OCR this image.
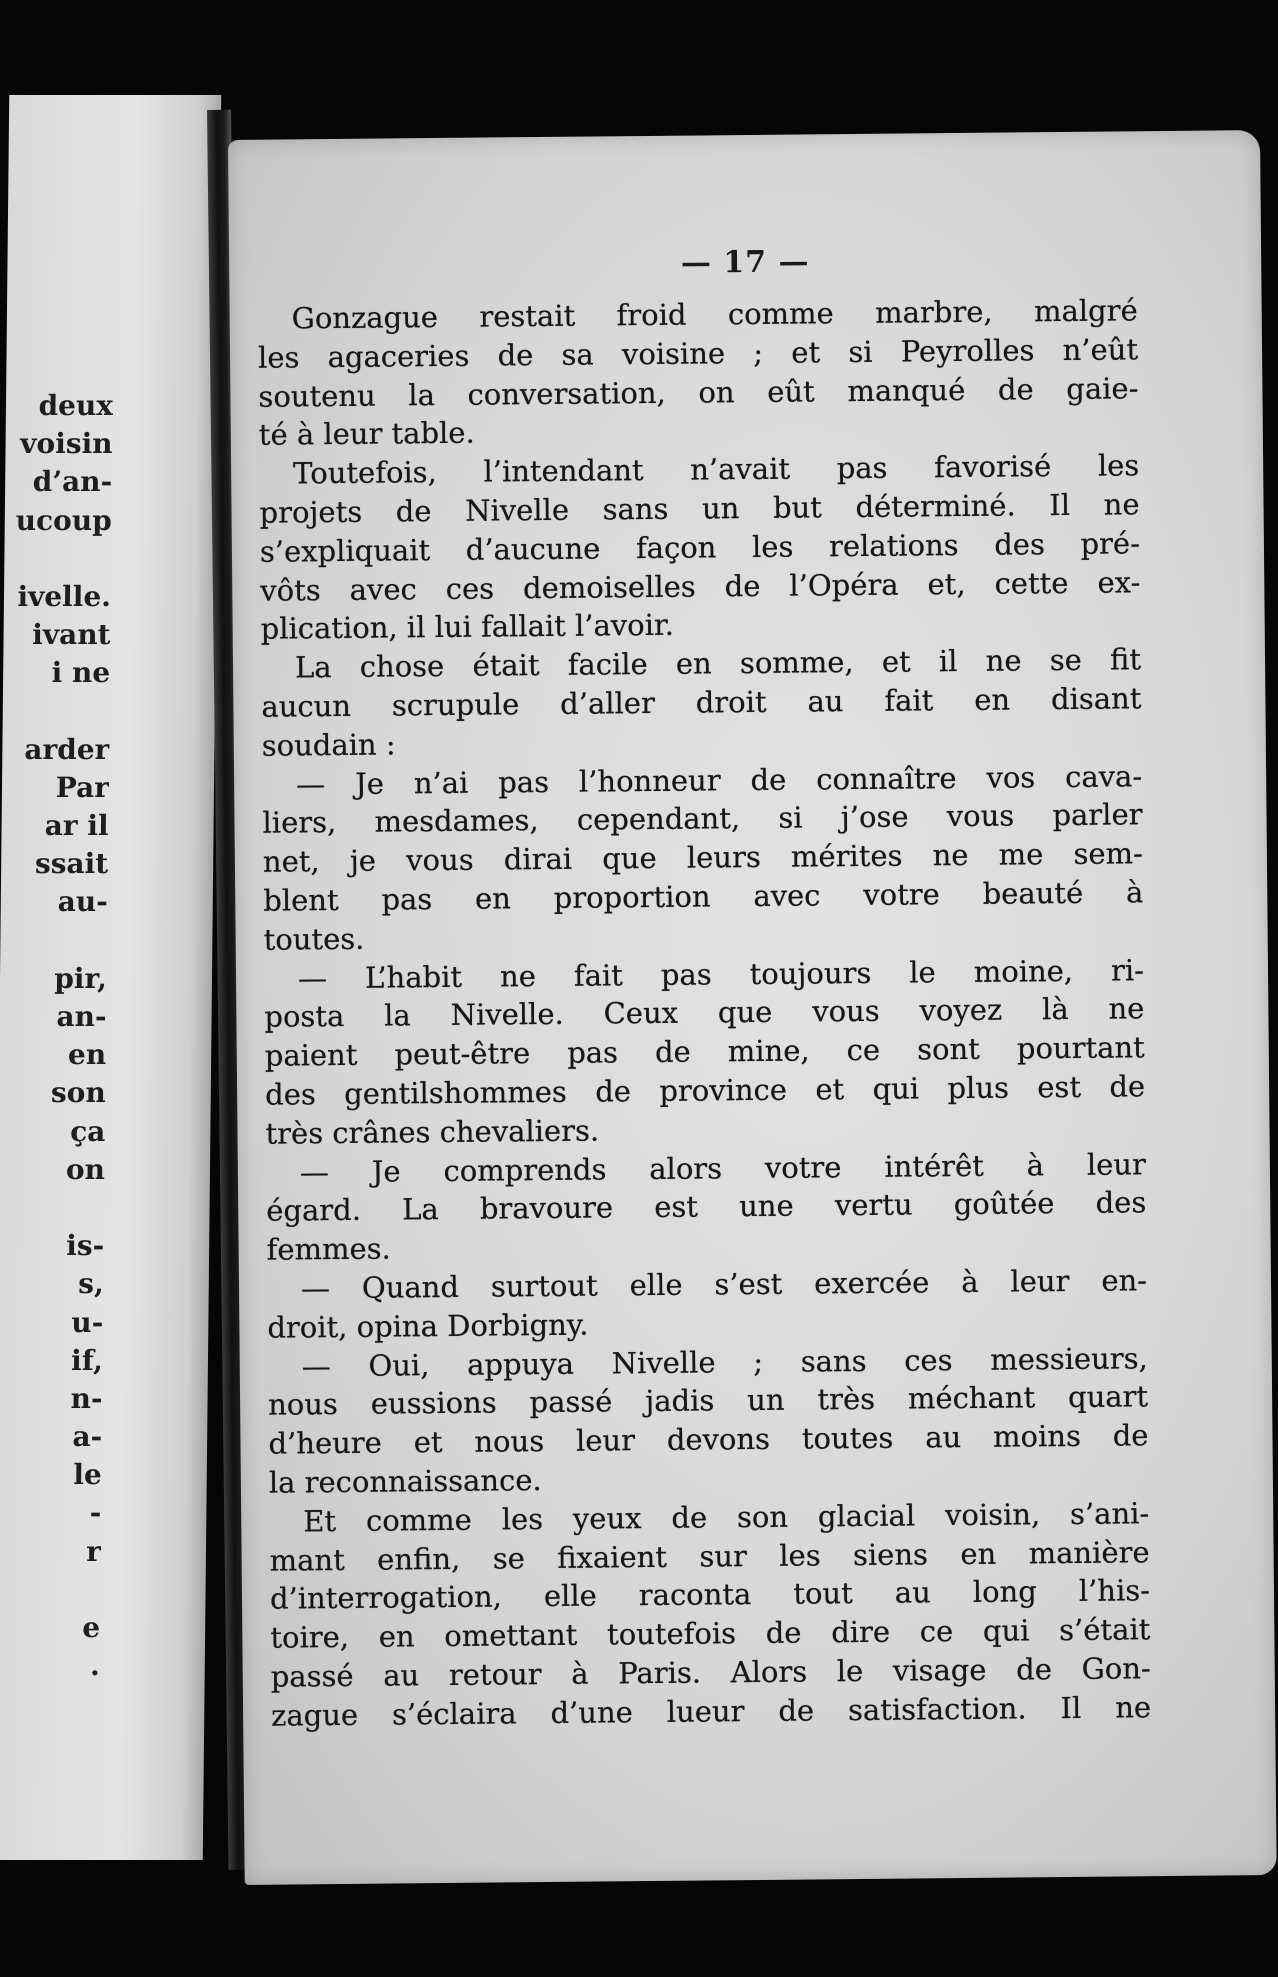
deux
voisin
d’an-
ucoup
ivelle.
ivant
i ne
arder
Par
ar il
ssait
au-
pir,
an-
en
son
ça
on
is-
s,
u-
if,
n-
a-
le
-
r
e
.
— 17 —
Gonzague restait froid comme marbre, malgré
les agaceries de sa voisine ; et si Peyrolles n’eût
soutenu la conversation, on eût manqué de gaie-
té à leur table.
Toutefois, l’intendant n’avait pas favorisé les
projets de Nivelle sans un but déterminé. Il ne
s’expliquait d’aucune façon les relations des pré-
vôts avec ces demoiselles de l’Opéra et, cette ex-
plication, il lui fallait l’avoir.
La chose était facile en somme, et il ne se fit
aucun scrupule d’aller droit au fait en disant
soudain :
— Je n’ai pas l’honneur de connaître vos cava-
liers, mesdames, cependant, si j’ose vous parler
net, je vous dirai que leurs mérites ne me sem-
blent pas en proportion avec votre beauté à
toutes.
— L’habit ne fait pas toujours le moine, ri-
posta la Nivelle. Ceux que vous voyez là ne
paient peut-être pas de mine, ce sont pourtant
des gentilshommes de province et qui plus est de
très crânes chevaliers.
— Je comprends alors votre intérêt à leur
égard. La bravoure est une vertu goûtée des
femmes.
— Quand surtout elle s’est exercée à leur en-
droit, opina Dorbigny.
— Oui, appuya Nivelle ; sans ces messieurs,
nous eussions passé jadis un très méchant quart
d’heure et nous leur devons toutes au moins de
la reconnaissance.
Et comme les yeux de son glacial voisin, s’ani-
mant enfin, se fixaient sur les siens en manière
d’interrogation, elle raconta tout au long l’his-
toire, en omettant toutefois de dire ce qui s’était
passé au retour à Paris. Alors le visage de Gon-
zague s’éclaira d’une lueur de satisfaction. Il ne
